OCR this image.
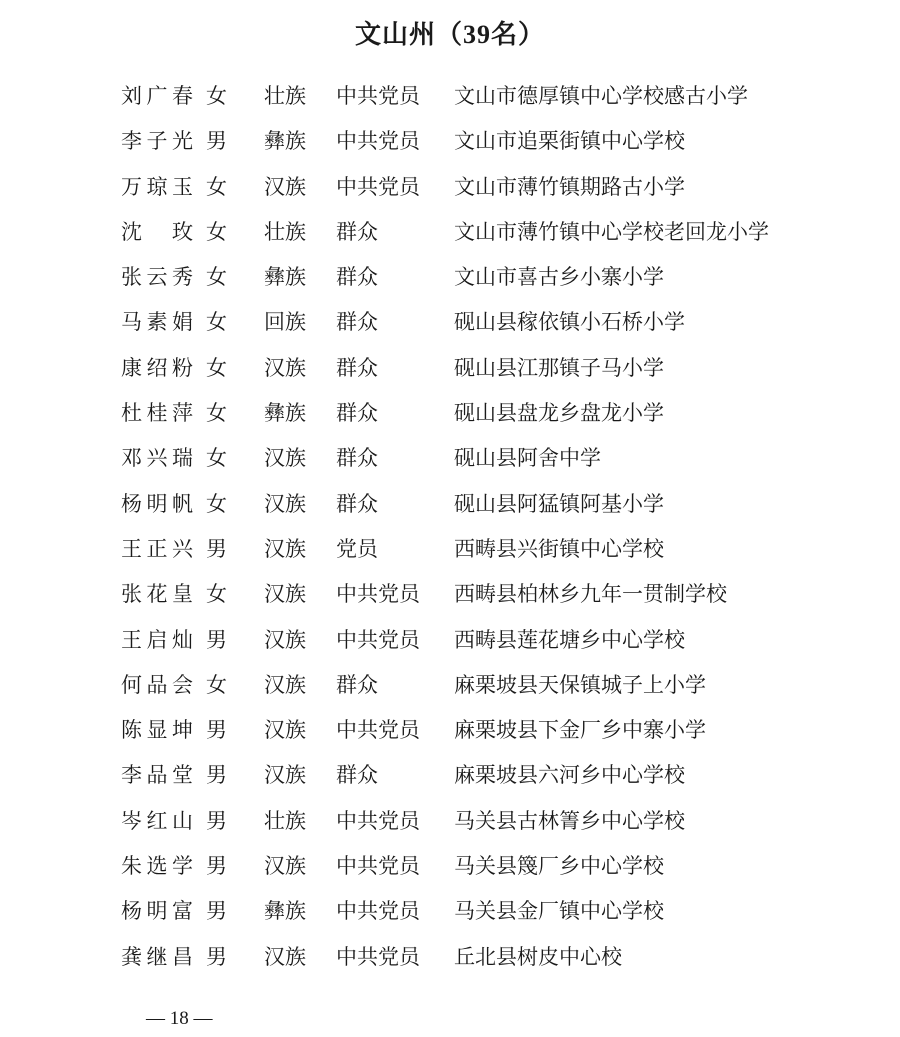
文山州（39名）
刘广春 女 壮族 中共党员 文山市德厚镇中心学校感古小学
李子光 男 彝族 中共党员 文山市追栗街镇中心学校
万琼玉 女 汉族 中共党员 文山市薄竹镇期路古小学
沈玫 女 壮族 群众	文山市薄竹镇中心学校老回龙小学
张云秀 女 彝族 群众	文山市喜古乡小寨小学
马素娟 女 回族 群众	砚山县稼依镇小石桥小学
康绍粉 女 汉族 群众	砚山县江那镇子马小学
杜桂萍 女 彝族 群众	砚山县盘龙乡盘龙小学
邓兴瑞 女 汉族 群众	砚山县阿舍中学
杨明帆 女 汉族 群众	砚山县阿猛镇阿基小学
王正兴 男 汉族 党员	西畴县兴街镇中心学校
张花皇 女 汉族 中共党员 西畴县柏林乡九年一贯制学校
王启灿 男 汉族 中共党员 西畴县莲花塘乡中心学校
何品会 女 汉族 群众	麻栗坡县天保镇城子上小学
陈显坤 男 汉族 中共党员 麻栗坡县下金厂乡中寨小学
李品堂 男 汉族 群众	麻栗坡县六河乡中心学校
岑红山 男 壮族 中共党员 马关县古林箐乡中心学校
朱选学 男 汉族 中共党员 马关县篾厂乡中心学校
杨明富 男 彝族 中共党员 马关县金厂镇中心学校
龚继昌 男 汉族 中共党员 丘北县树皮中心校
— 18 —
